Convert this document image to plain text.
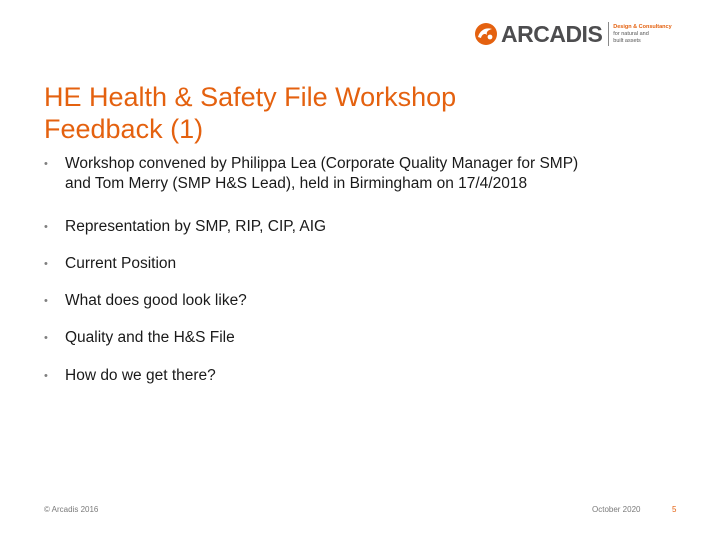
ARCADIS Design & Consultancy
for natural and
built assets
HE Health & Safety File Workshop
Feedback (1)
• Workshop convened by Philippa Lea (Corporate Quality Manager for SMP)
and Tom Merry (SMP H&S Lead), held in Birmingham on 17/4/2018
• Representation by SMP, RIP, CIP, AIG
• Current Position
• What does good look like?
• Quality and the H&S File
• How do we get there?
© Arcadis 2016	October 2020	5
